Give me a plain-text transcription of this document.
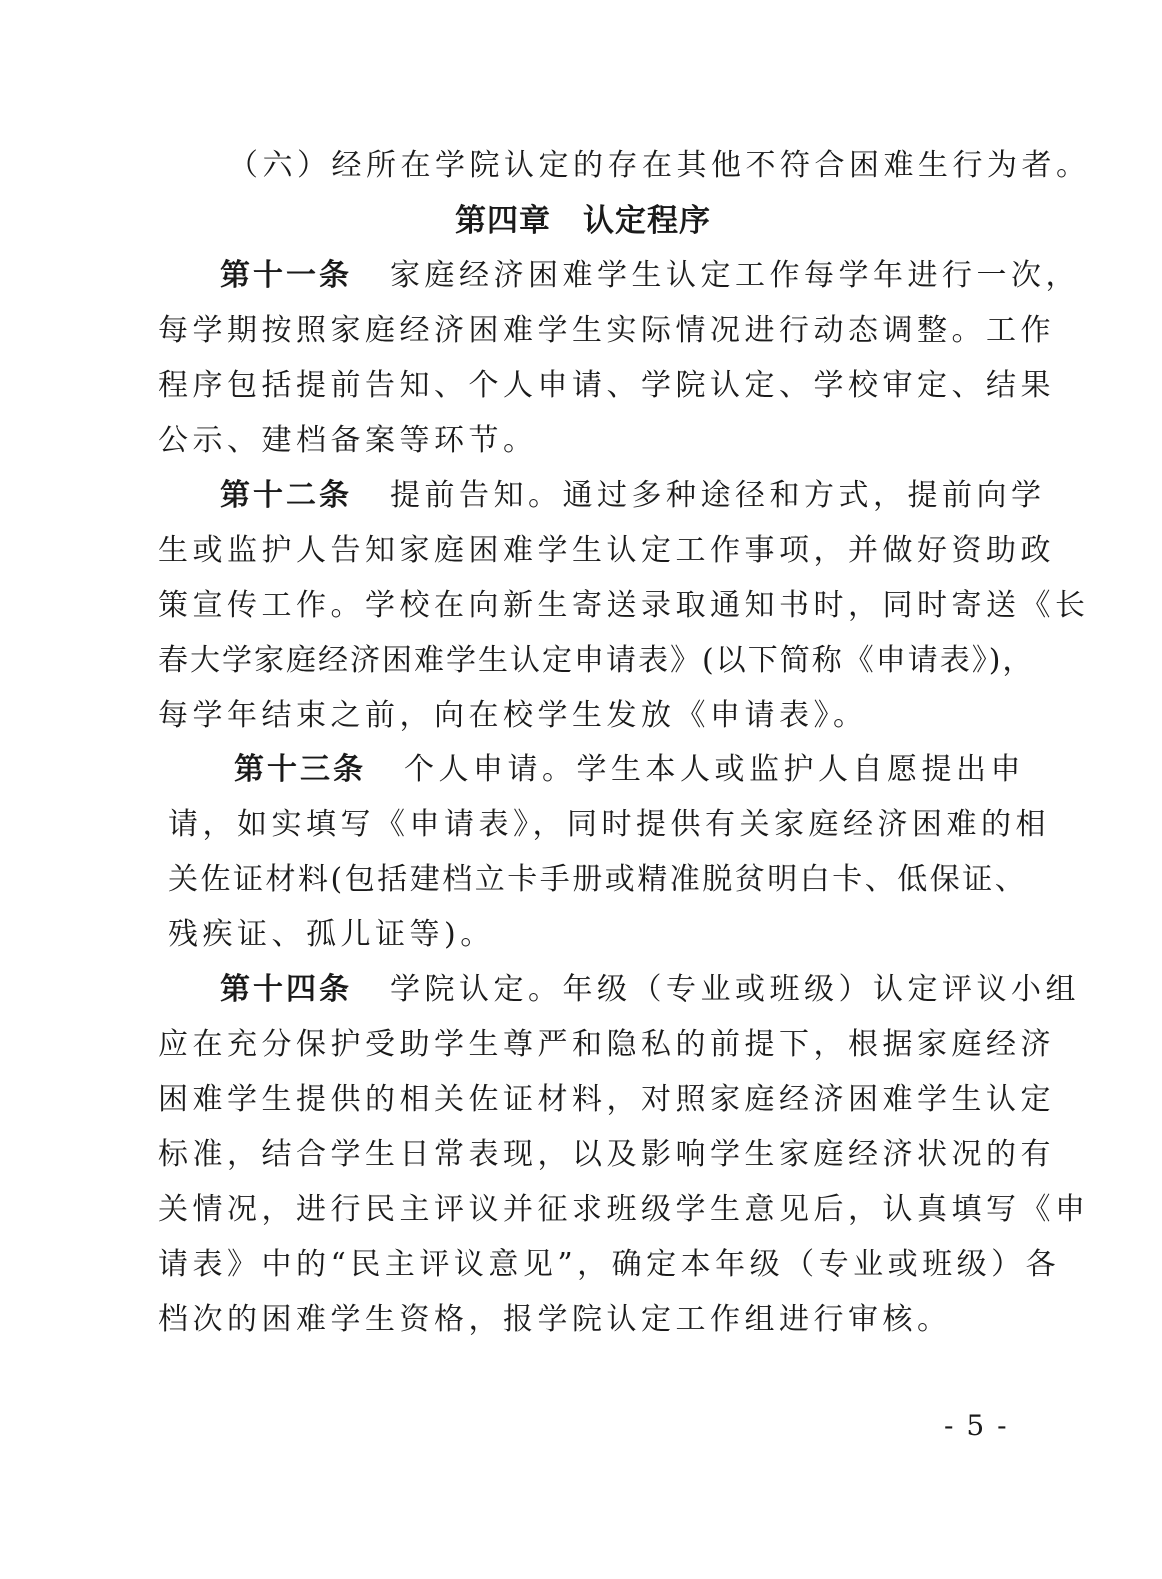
（六）经所在学院认定的存在其他不符合困难生行为者。
第四章　认定程序
第十一条 家庭经济困难学生认定工作每学年进行一次，
每学期按照家庭经济困难学生实际情况进行动态调整。工作
程序包括提前告知、个人申请、学院认定、学校审定、结果
公示、建档备案等环节。
第十二条 提前告知。通过多种途径和方式，提前向学
生或监护人告知家庭困难学生认定工作事项，并做好资助政
策宣传工作。学校在向新生寄送录取通知书时，同时寄送《长
春大学家庭经济困难学生认定申请表》(以下简称《申请表》)，
每学年结束之前，向在校学生发放《申请表》。
第十三条 个人申请。学生本人或监护人自愿提出申
请，如实填写《申请表》，同时提供有关家庭经济困难的相
关佐证材料(包括建档立卡手册或精准脱贫明白卡、低保证、
残疾证、孤儿证等)。
第十四条 学院认定。年级（专业或班级）认定评议小组
应在充分保护受助学生尊严和隐私的前提下，根据家庭经济
困难学生提供的相关佐证材料，对照家庭经济困难学生认定
标准，结合学生日常表现，以及影响学生家庭经济状况的有
关情况，进行民主评议并征求班级学生意见后，认真填写《申
请表》中的“民主评议意见”，确定本年级（专业或班级）各
档次的困难学生资格，报学院认定工作组进行审核。
- 5 -
